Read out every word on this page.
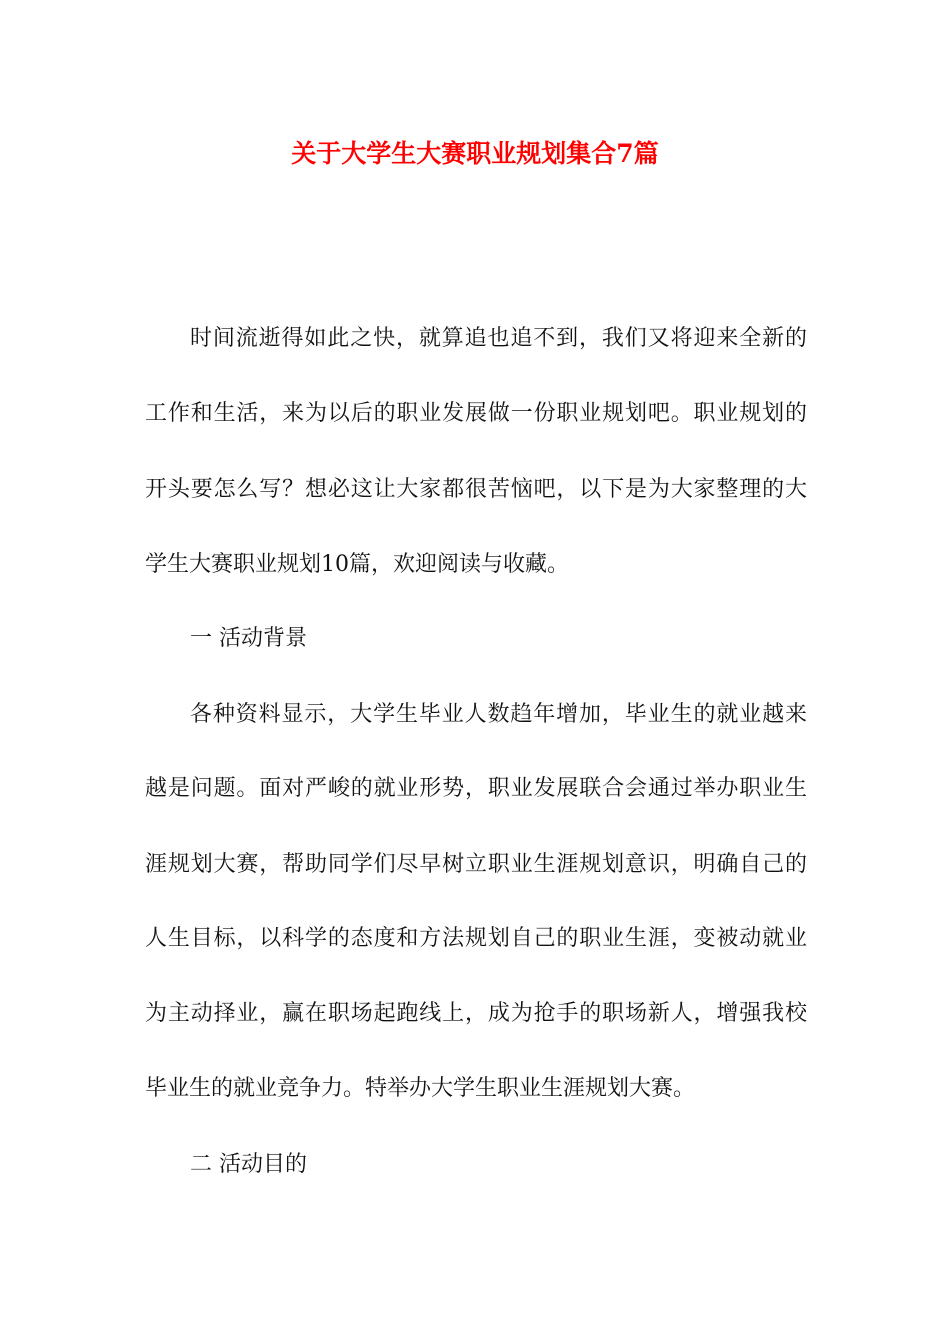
关于大学生大赛职业规划集合7篇

时间流逝得如此之快，就算追也追不到，我们又将迎来全新的

工作和生活，来为以后的职业发展做一份职业规划吧。职业规划的

开头要怎么写？想必这让大家都很苦恼吧，以下是为大家整理的大

学生大赛职业规划10篇，欢迎阅读与收藏。

一 活动背景

各种资料显示，大学生毕业人数趋年增加，毕业生的就业越来

越是问题。面对严峻的就业形势，职业发展联合会通过举办职业生

涯规划大赛，帮助同学们尽早树立职业生涯规划意识，明确自己的

人生目标，以科学的态度和方法规划自己的职业生涯，变被动就业

为主动择业，赢在职场起跑线上，成为抢手的职场新人，增强我校

毕业生的就业竞争力。特举办大学生职业生涯规划大赛。

二 活动目的
